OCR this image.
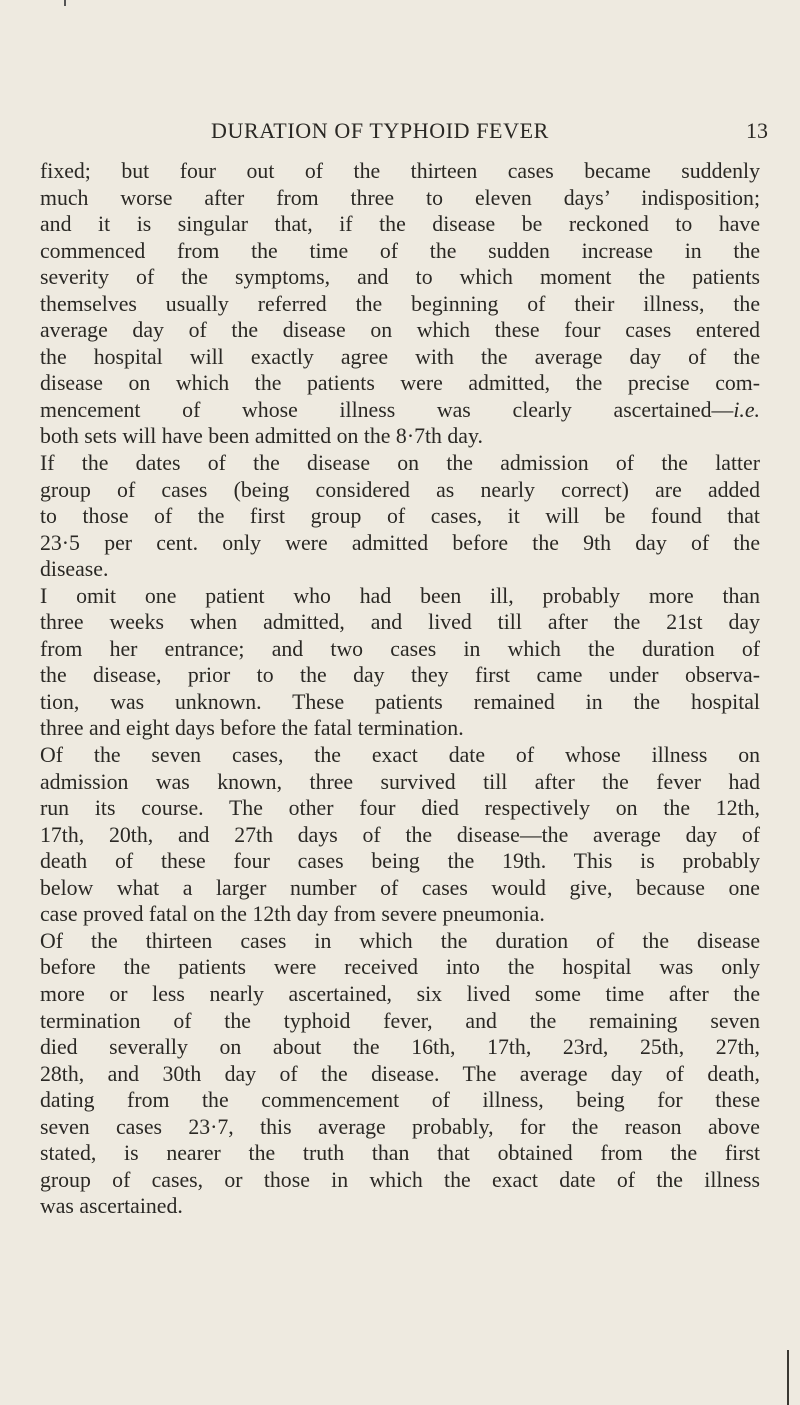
DURATION OF TYPHOID FEVER	13
fixed; but four out of the thirteen cases became suddenly
much worse after from three to eleven days’ indisposition;
and it is singular that, if the disease be reckoned to have
commenced from the time of the sudden increase in the
severity of the symptoms, and to which moment the patients
themselves usually referred the beginning of their illness, the
average day of the disease on which these four cases entered
the hospital will exactly agree with the average day of the
disease on which the patients were admitted, the precise com-
mencement of whose illness was clearly ascertained—i.e.
both sets will have been admitted on the 8·7th day.
If the dates of the disease on the admission of the latter
group of cases (being considered as nearly correct) are added
to those of the first group of cases, it will be found that
23·5 per cent. only were admitted before the 9th day of the
disease.
I omit one patient who had been ill, probably more than
three weeks when admitted, and lived till after the 21st day
from her entrance; and two cases in which the duration of
the disease, prior to the day they first came under observa-
tion, was unknown. These patients remained in the hospital
three and eight days before the fatal termination.
Of the seven cases, the exact date of whose illness on
admission was known, three survived till after the fever had
run its course. The other four died respectively on the 12th,
17th, 20th, and 27th days of the disease—the average day of
death of these four cases being the 19th. This is probably
below what a larger number of cases would give, because one
case proved fatal on the 12th day from severe pneumonia.
Of the thirteen cases in which the duration of the disease
before the patients were received into the hospital was only
more or less nearly ascertained, six lived some time after the
termination of the typhoid fever, and the remaining seven
died severally on about the 16th, 17th, 23rd, 25th, 27th,
28th, and 30th day of the disease. The average day of death,
dating from the commencement of illness, being for these
seven cases 23·7, this average probably, for the reason above
stated, is nearer the truth than that obtained from the first
group of cases, or those in which the exact date of the illness
was ascertained.
